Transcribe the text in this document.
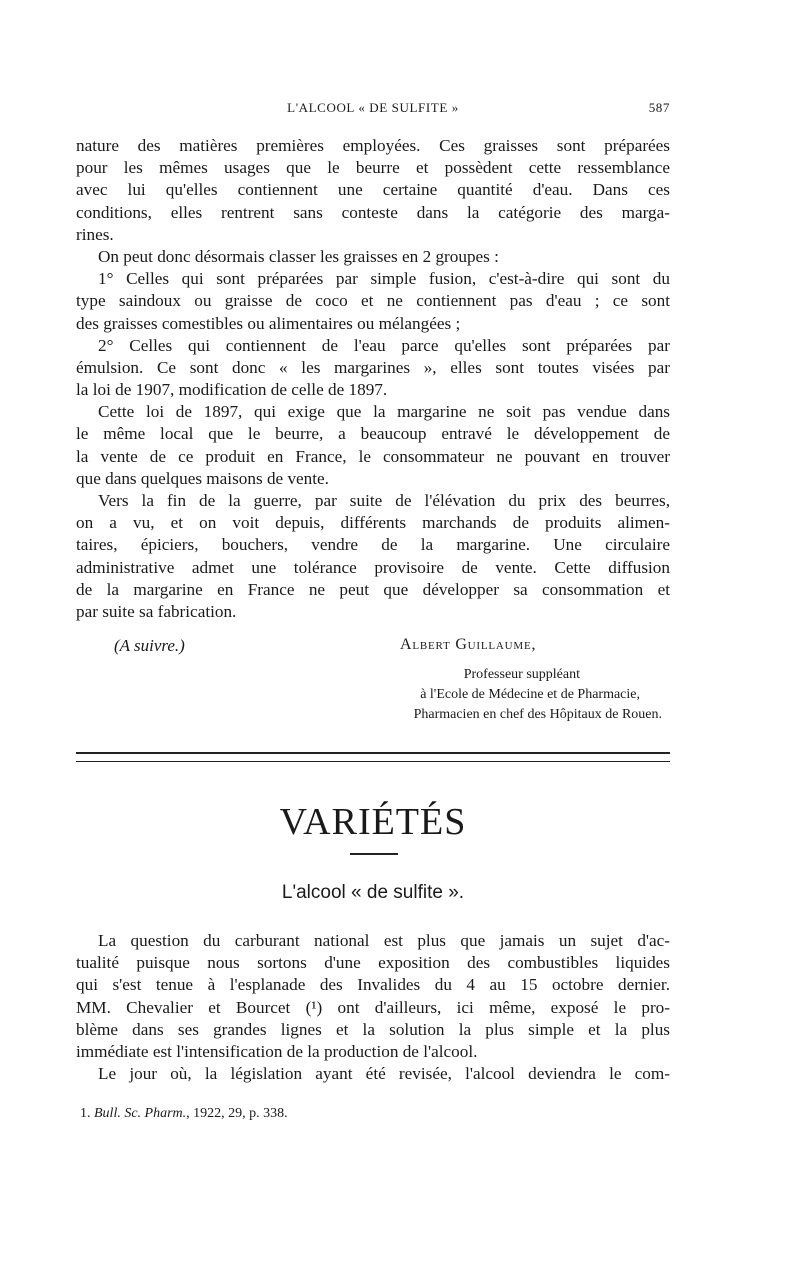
L'ALCOOL « DE SULFITE »	587
nature des matières premières employées. Ces graisses sont préparées
pour les mêmes usages que le beurre et possèdent cette ressemblance
avec lui qu'elles contiennent une certaine quantité d'eau. Dans ces
conditions, elles rentrent sans conteste dans la catégorie des marga-
rines.
On peut donc désormais classer les graisses en 2 groupes :
1° Celles qui sont préparées par simple fusion, c'est-à-dire qui sont du
type saindoux ou graisse de coco et ne contiennent pas d'eau ; ce sont
des graisses comestibles ou alimentaires ou mélangées ;
2° Celles qui contiennent de l'eau parce qu'elles sont préparées par
émulsion. Ce sont donc « les margarines », elles sont toutes visées par
la loi de 1907, modification de celle de 1897.
Cette loi de 1897, qui exige que la margarine ne soit pas vendue dans
le même local que le beurre, a beaucoup entravé le développement de
la vente de ce produit en France, le consommateur ne pouvant en trouver
que dans quelques maisons de vente.
Vers la fin de la guerre, par suite de l'élévation du prix des beurres,
on a vu, et on voit depuis, différents marchands de produits alimen-
taires, épiciers, bouchers, vendre de la margarine. Une circulaire
administrative admet une tolérance provisoire de vente. Cette diffusion
de la margarine en France ne peut que développer sa consommation et
par suite sa fabrication.
(A suivre.)	Albert Guillaume,
Professeur suppléant
à l'Ecole de Médecine et de Pharmacie,
Pharmacien en chef des Hôpitaux de Rouen.
VARIÉTÉS
L'alcool « de sulfite ».
La question du carburant national est plus que jamais un sujet d'ac-
tualité puisque nous sortons d'une exposition des combustibles liquides
qui s'est tenue à l'esplanade des Invalides du 4 au 15 octobre dernier.
MM. Chevalier et Bourcet (¹) ont d'ailleurs, ici même, exposé le pro-
blème dans ses grandes lignes et la solution la plus simple et la plus
immédiate est l'intensification de la production de l'alcool.
Le jour où, la législation ayant été revisée, l'alcool deviendra le com-
1. Bull. Sc. Pharm., 1922, 29, p. 338.
